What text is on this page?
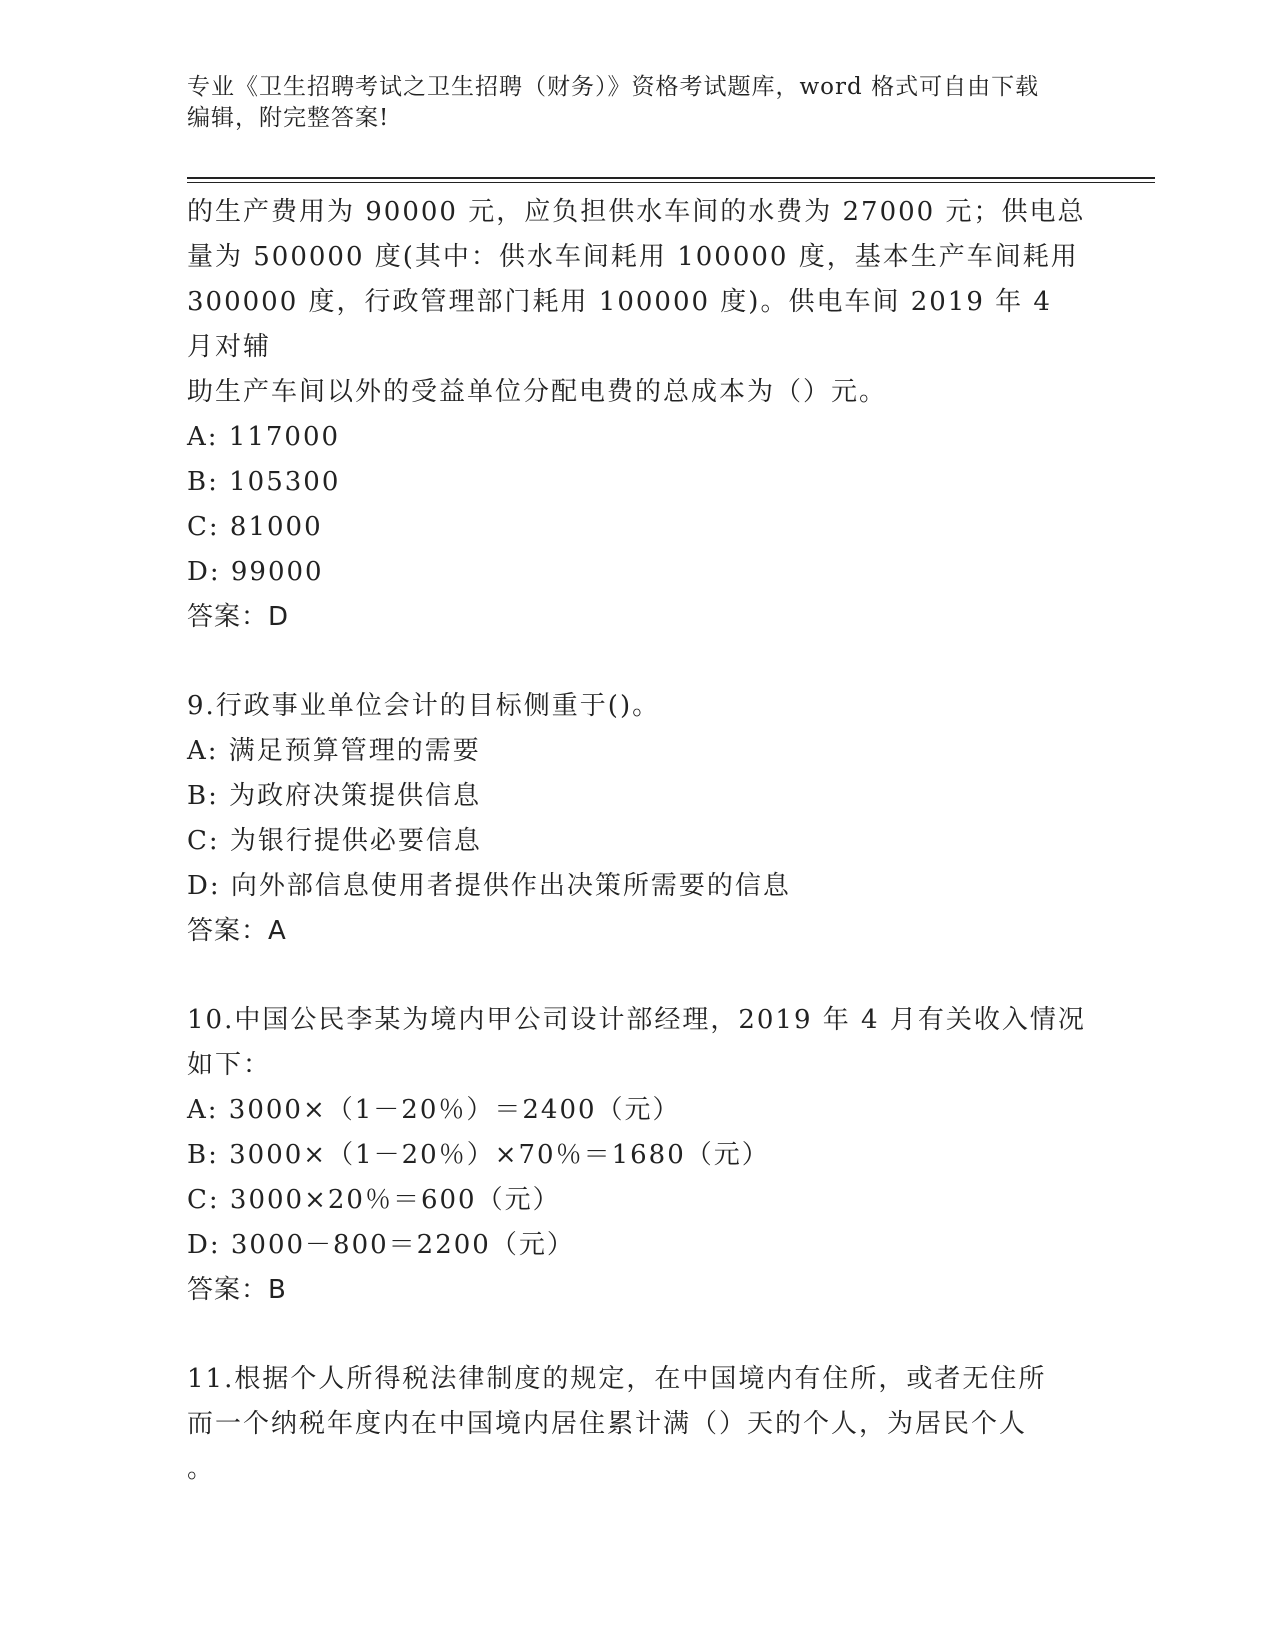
专业《卫生招聘考试之卫生招聘（财务）》资格考试题库，word 格式可自由下载
编辑，附完整答案!

的生产费用为 90000 元，应负担供水车间的水费为 27000 元；供电总

量为 500000 度(其中：供水车间耗用 100000 度，基本生产车间耗用

300000 度，行政管理部门耗用 100000 度)。供电车间 2019 年 4 月对辅

助生产车间以外的受益单位分配电费的总成本为（）元。

A: 117000

B: 105300

C: 81000

D: 99000

答案：D

9.行政事业单位会计的目标侧重于()。

A: 满足预算管理的需要

B: 为政府决策提供信息

C: 为银行提供必要信息

D: 向外部信息使用者提供作出决策所需要的信息

答案：A

10.中国公民李某为境内甲公司设计部经理，2019 年 4 月有关收入情况

如下：

A: 3000×（1－20％）＝2400（元）

B: 3000×（1－20％）×70％＝1680（元）

C: 3000×20％＝600（元）

D: 3000－800＝2200（元）

答案：B

11.根据个人所得税法律制度的规定，在中国境内有住所，或者无住所

而一个纳税年度内在中国境内居住累计满（）天的个人，为居民个人

。
